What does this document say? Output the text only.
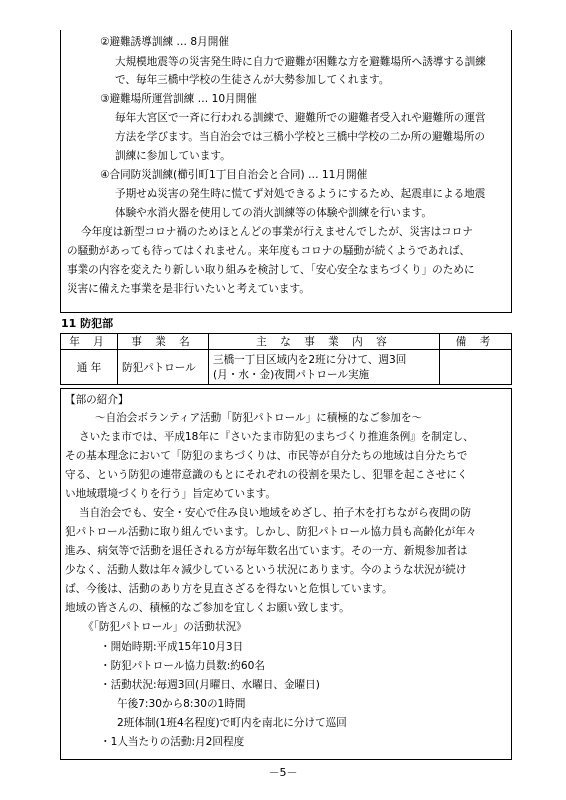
②避難誘導訓練 … 8月開催
大規模地震等の災害発生時に自力で避難が困難な方を避難場所へ誘導する訓練
で、毎年三橋中学校の生徒さんが大勢参加してくれます。
③避難場所運営訓練 … 10月開催
毎年大宮区で一斉に行われる訓練で、避難所での避難者受入れや避難所の運営
方法を学びます。当自治会では三橋小学校と三橋中学校の二か所の避難場所の
訓練に参加しています。
④合同防災訓練(櫛引町1丁目自治会と合同) … 11月開催
予期せぬ災害の発生時に慌てず対処できるようにするため、起震車による地震
体験や水消火器を使用しての消火訓練等の体験や訓練を行います。
今年度は新型コロナ禍のためほとんどの事業が行えませんでしたが、災害はコロナ
の騒動があっても待ってはくれません。来年度もコロナの騒動が続くようであれば、
事業の内容を変えたり新しい取り組みを検討して、「安心安全なまちづくり」のために
災害に備えた事業を是非行いたいと考えています。
11 防犯部
年 月	事 業 名	主 な 事 業 内 容	備 考
通 年	防犯パトロール	三橋一丁目区域内を2班に分けて、週3回
(月・水・金)夜間パトロール実施	

【部の紹介】
～自治会ボランティア活動「防犯パトロール」に積極的なご参加を～
さいたま市では、平成18年に『さいたま市防犯のまちづくり推進条例』を制定し、
その基本理念において「防犯のまちづくりは、市民等が自分たちの地域は自分たちで
守る、という防犯の連帯意識のもとにそれぞれの役割を果たし、犯罪を起こさせにく
い地域環境づくりを行う」旨定めています。
当自治会でも、安全・安心で住み良い地域をめざし、拍子木を打ちながら夜間の防
犯パトロール活動に取り組んでいます。しかし、防犯パトロール協力員も高齢化が年々
進み、病気等で活動を退任される方が毎年数名出ています。その一方、新規参加者は
少なく、活動人数は年々減少しているという状況にあります。今のような状況が続け
ば、今後は、活動のあり方を見直さざるを得ないと危惧しています。
地域の皆さんの、積極的なご参加を宜しくお願い致します。
《「防犯パトロール」の活動状況》
・開始時期:平成15年10月3日
・防犯パトロール協力員数:約60名
・活動状況:毎週3回(月曜日、水曜日、金曜日)
午後7:30から8:30の1時間
2班体制(1班4名程度)で町内を南北に分けて巡回
・1人当たりの活動:月2回程度
－5－
